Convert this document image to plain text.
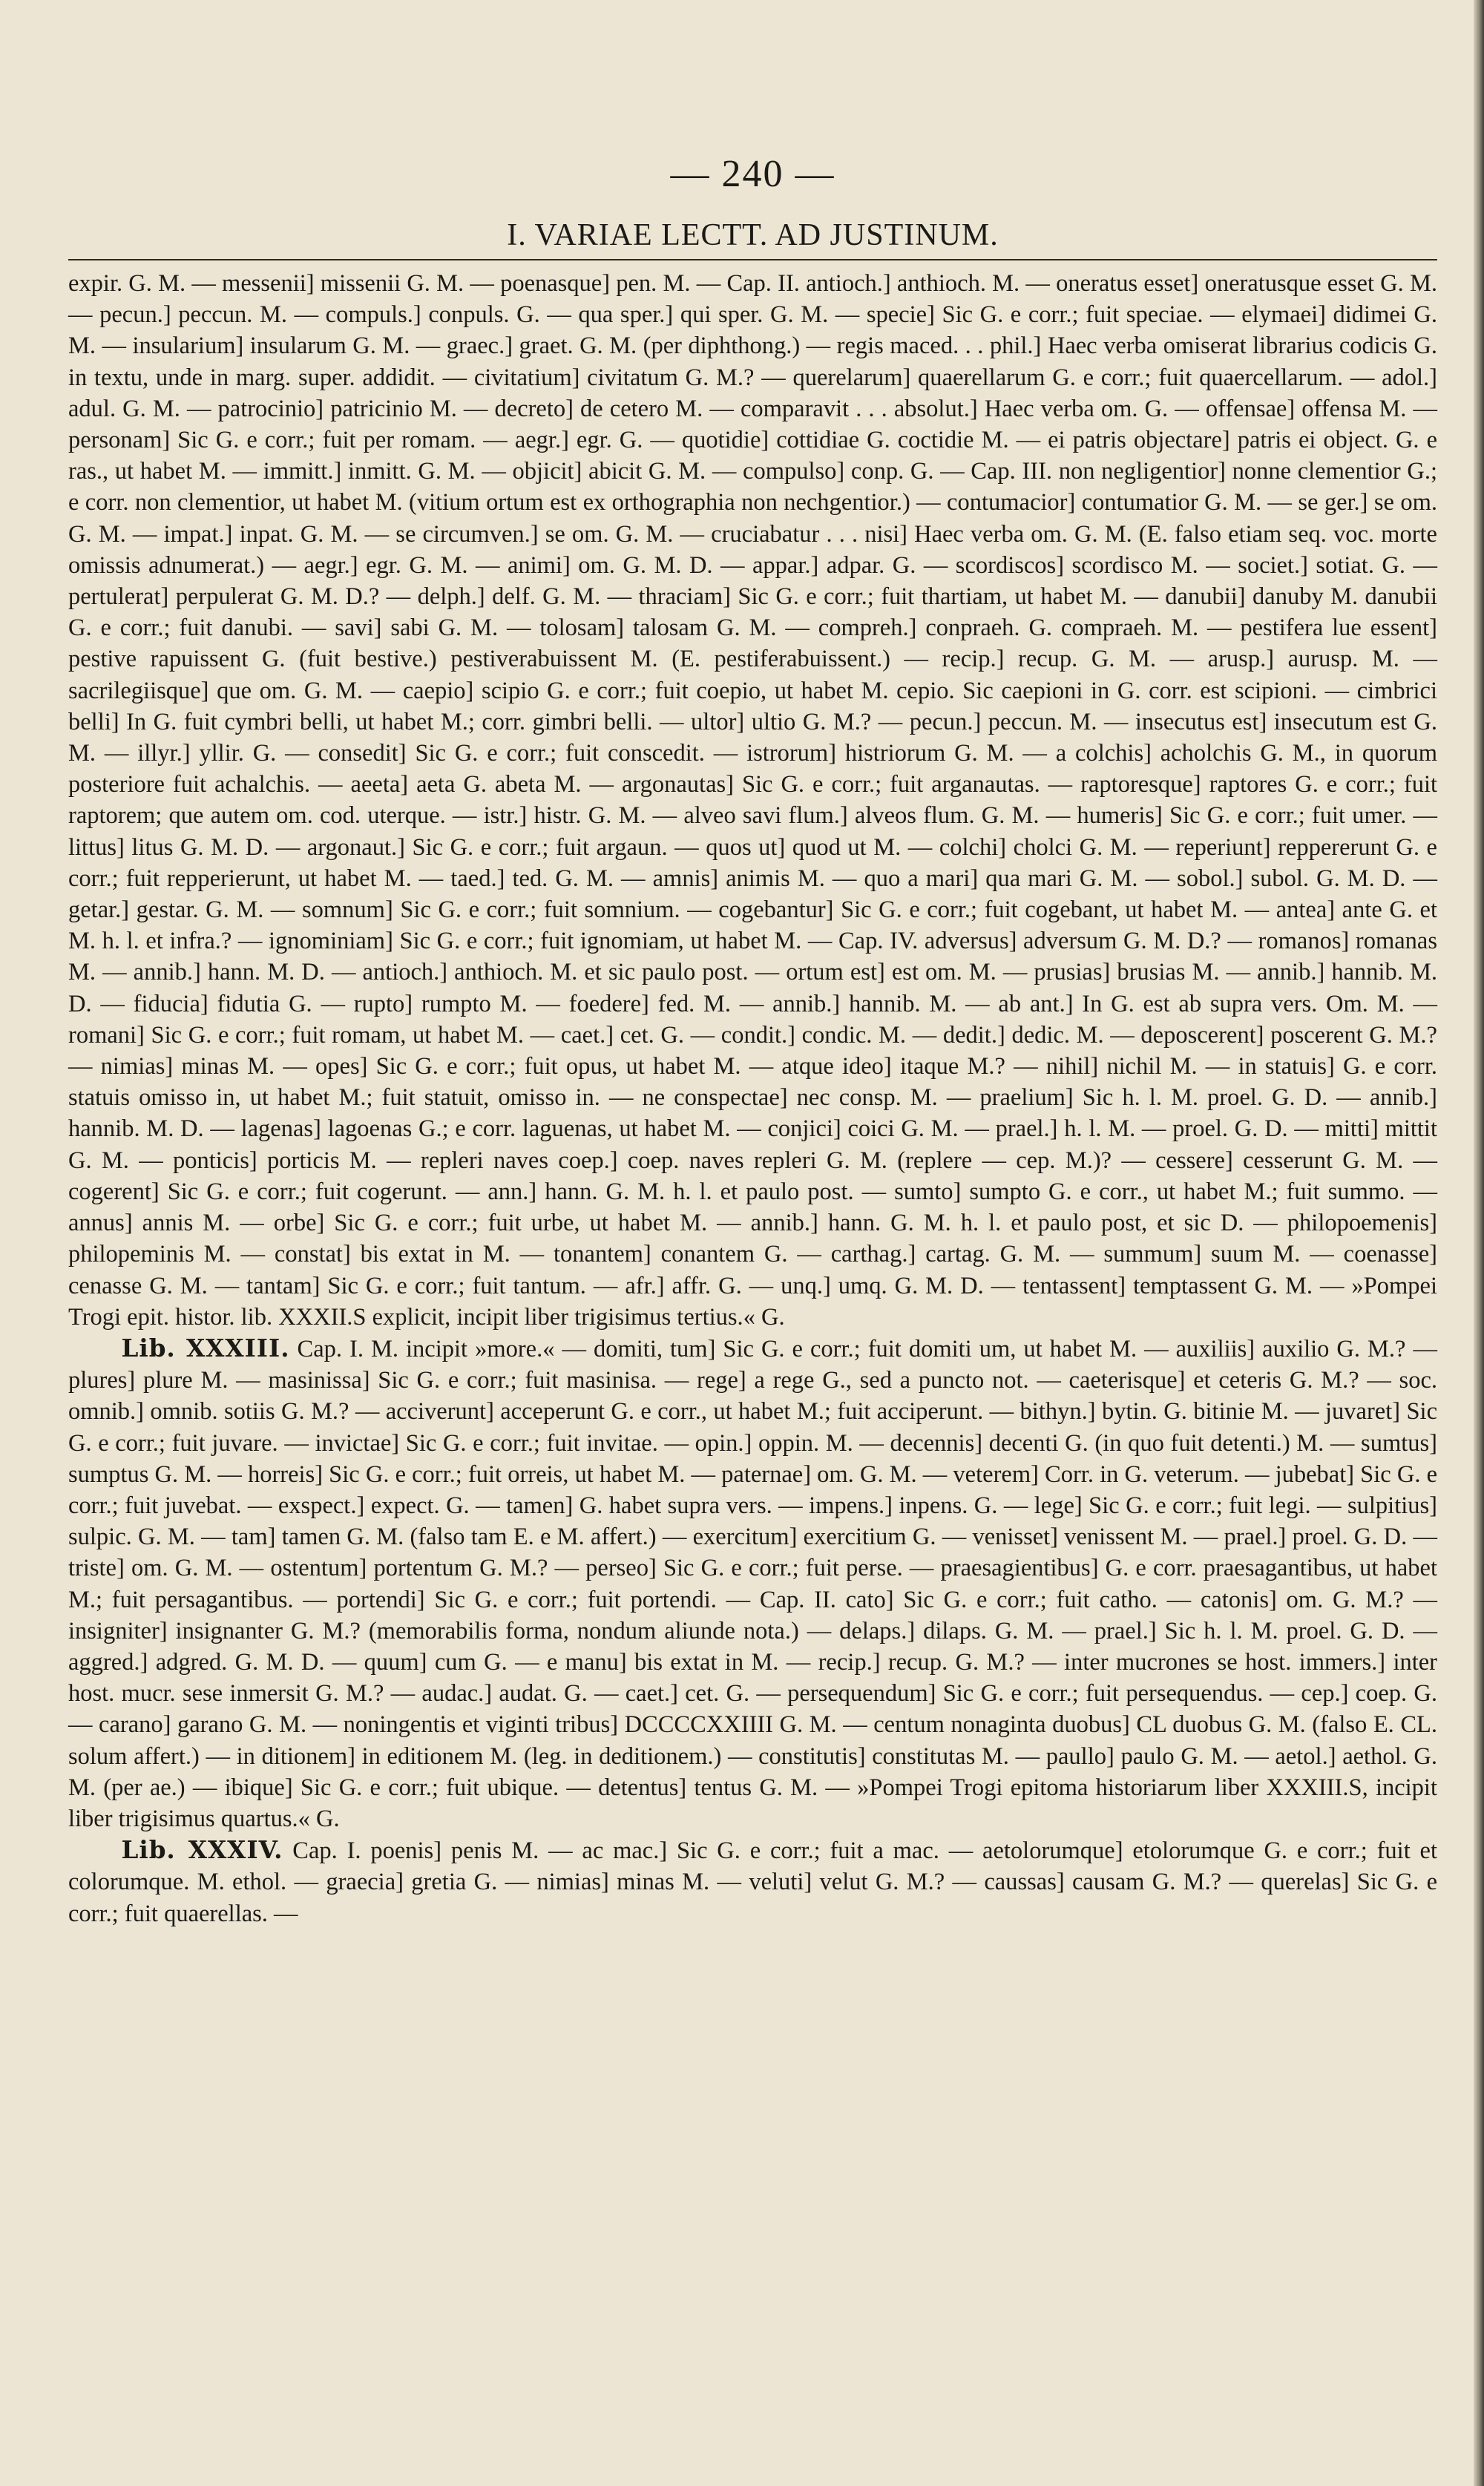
— 240 —
I. VARIAE LECTT. AD JUSTINUM.

expir. G. M. — messenii] missenii G. M. — poenasque] pen. M. — Cap. II. antioch.] anthioch. M. — oneratus esset] oneratusque esset G. M. — pecun.] peccun. M. — compuls.] conpuls. G. — qua sper.] qui sper. G. M. — specie] Sic G. e corr.; fuit speciae. — elymaei] didimei G. M. — insularium] insularum G. M. — graec.] graet. G. M. (per diphthong.) — regis maced. . . phil.] Haec verba omiserat librarius codicis G. in textu, unde in marg. super. addidit. — civitatium] civitatum G. M.? — querelarum] quaerellarum G. e corr.; fuit quaercellarum. — adol.] adul. G. M. — patrocinio] patricinio M. — decreto] de cetero M. — comparavit . . . absolut.] Haec verba om. G. — offensae] offensa M. — personam] Sic G. e corr.; fuit per romam. — aegr.] egr. G. — quotidie] cottidiae G. coctidie M. — ei patris objectare] patris ei object. G. e ras., ut habet M. — immitt.] inmitt. G. M. — objicit] abicit G. M. — compulso] conp. G. — Cap. III. non negligentior] nonne clementior G.; e corr. non clementior, ut habet M. (vitium ortum est ex orthographia non nechgentior.) — contumacior] contumatior G. M. — se ger.] se om. G. M. — impat.] inpat. G. M. — se circumven.] se om. G. M. — cruciabatur . . . nisi] Haec verba om. G. M. (E. falso etiam seq. voc. morte omissis adnumerat.) — aegr.] egr. G. M. — animi] om. G. M. D. — appar.] adpar. G. — scordiscos] scordisco M. — societ.] sotiat. G. — pertulerat] perpulerat G. M. D.? — delph.] delf. G. M. — thraciam] Sic G. e corr.; fuit thartiam, ut habet M. — danubii] danuby M. danubii G. e corr.; fuit danubi. — savi] sabi G. M. — tolosam] talosam G. M. — compreh.] conpraeh. G. compraeh. M. — pestifera lue essent] pestive rapuissent G. (fuit bestive.) pestiverabuissent M. (E. pestiferabuissent.) — recip.] recup. G. M. — arusp.] aurusp. M. — sacrilegiisque] que om. G. M. — caepio] scipio G. e corr.; fuit coepio, ut habet M. cepio. Sic caepioni in G. corr. est scipioni. — cimbrici belli] In G. fuit cymbri belli, ut habet M.; corr. gimbri belli. — ultor] ultio G. M.? — pecun.] peccun. M. — insecutus est] insecutum est G. M. — illyr.] yllir. G. — consedit] Sic G. e corr.; fuit conscedit. — istrorum] histriorum G. M. — a colchis] acholchis G. M., in quorum posteriore fuit achalchis. — aeeta] aeta G. abeta M. — argonautas] Sic G. e corr.; fuit arganautas. — raptoresque] raptores G. e corr.; fuit raptorem; que autem om. cod. uterque. — istr.] histr. G. M. — alveo savi flum.] alveos flum. G. M. — humeris] Sic G. e corr.; fuit umer. — littus] litus G. M. D. — argonaut.] Sic G. e corr.; fuit argaun. — quos ut] quod ut M. — colchi] cholci G. M. — reperiunt] reppererunt G. e corr.; fuit repperierunt, ut habet M. — taed.] ted. G. M. — amnis] animis M. — quo a mari] qua mari G. M. — sobol.] subol. G. M. D. — getar.] gestar. G. M. — somnum] Sic G. e corr.; fuit somnium. — cogebantur] Sic G. e corr.; fuit cogebant, ut habet M. — antea] ante G. et M. h. l. et infra.? — ignominiam] Sic G. e corr.; fuit ignomiam, ut habet M. — Cap. IV. adversus] adversum G. M. D.? — romanos] romanas M. — annib.] hann. M. D. — antioch.] anthioch. M. et sic paulo post. — ortum est] est om. M. — prusias] brusias M. — annib.] hannib. M. D. — fiducia] fidutia G. — rupto] rumpto M. — foedere] fed. M. — annib.] hannib. M. — ab ant.] In G. est ab supra vers. Om. M. — romani] Sic G. e corr.; fuit romam, ut habet M. — caet.] cet. G. — condit.] condic. M. — dedit.] dedic. M. — deposcerent] poscerent G. M.? — nimias] minas M. — opes] Sic G. e corr.; fuit opus, ut habet M. — atque ideo] itaque M.? — nihil] nichil M. — in statuis] G. e corr. statuis omisso in, ut habet M.; fuit statuit, omisso in. — ne conspectae] nec consp. M. — praelium] Sic h. l. M. proel. G. D. — annib.] hannib. M. D. — lagenas] lagoenas G.; e corr. laguenas, ut habet M. — conjici] coici G. M. — prael.] h. l. M. — proel. G. D. — mitti] mittit G. M. — ponticis] porticis M. — repleri naves coep.] coep. naves repleri G. M. (replere — cep. M.)? — cessere] cesserunt G. M. — cogerent] Sic G. e corr.; fuit cogerunt. — ann.] hann. G. M. h. l. et paulo post. — sumto] sumpto G. e corr., ut habet M.; fuit summo. — annus] annis M. — orbe] Sic G. e corr.; fuit urbe, ut habet M. — annib.] hann. G. M. h. l. et paulo post, et sic D. — philopoemenis] philopeminis M. — constat] bis extat in M. — tonantem] conantem G. — carthag.] cartag. G. M. — summum] suum M. — coenasse] cenasse G. M. — tantam] Sic G. e corr.; fuit tantum. — afr.] affr. G. — unq.] umq. G. M. D. — tentassent] temptassent G. M. — »Pompei Trogi epit. histor. lib. XXXII.S explicit, incipit liber trigisimus tertius.« G.

Lib. XXXIII. Cap. I. M. incipit »more.« — domiti, tum] Sic G. e corr.; fuit domiti um, ut habet M. — auxiliis] auxilio G. M.? — plures] plure M. — masinissa] Sic G. e corr.; fuit masinisa. — rege] a rege G., sed a puncto not. — caeterisque] et ceteris G. M.? — soc. omnib.] omnib. sotiis G. M.? — acciverunt] acceperunt G. e corr., ut habet M.; fuit acciperunt. — bithyn.] bytin. G. bitinie M. — juvaret] Sic G. e corr.; fuit juvare. — invictae] Sic G. e corr.; fuit invitae. — opin.] oppin. M. — decennis] decenti G. (in quo fuit detenti.) M. — sumtus] sumptus G. M. — horreis] Sic G. e corr.; fuit orreis, ut habet M. — paternae] om. G. M. — veterem] Corr. in G. veterum. — jubebat] Sic G. e corr.; fuit juvebat. — exspect.] expect. G. — tamen] G. habet supra vers. — impens.] inpens. G. — lege] Sic G. e corr.; fuit legi. — sulpitius] sulpic. G. M. — tam] tamen G. M. (falso tam E. e M. affert.) — exercitum] exercitium G. — venisset] venissent M. — prael.] proel. G. D. — triste] om. G. M. — ostentum] portentum G. M.? — perseo] Sic G. e corr.; fuit perse. — praesagientibus] G. e corr. praesagantibus, ut habet M.; fuit persagantibus. — portendi] Sic G. e corr.; fuit portendi. — Cap. II. cato] Sic G. e corr.; fuit catho. — catonis] om. G. M.? — insigniter] insignanter G. M.? (memorabilis forma, nondum aliunde nota.) — delaps.] dilaps. G. M. — prael.] Sic h. l. M. proel. G. D. — aggred.] adgred. G. M. D. — quum] cum G. — e manu] bis extat in M. — recip.] recup. G. M.? — inter mucrones se host. immers.] inter host. mucr. sese inmersit G. M.? — audac.] audat. G. — caet.] cet. G. — persequendum] Sic G. e corr.; fuit persequendus. — cep.] coep. G. — carano] garano G. M. — noningentis et viginti tribus] DCCCCXXIIII G. M. — centum nonaginta duobus] CL duobus G. M. (falso E. CL. solum affert.) — in ditionem] in editionem M. (leg. in deditionem.) — constitutis] constitutas M. — paullo] paulo G. M. — aetol.] aethol. G. M. (per ae.) — ibique] Sic G. e corr.; fuit ubique. — detentus] tentus G. M. — »Pompei Trogi epitoma historiarum liber XXXIII.S, incipit liber trigisimus quartus.« G.

Lib. XXXIV. Cap. I. poenis] penis M. — ac mac.] Sic G. e corr.; fuit a mac. — aetolorumque] etolorumque G. e corr.; fuit et colorumque. M. ethol. — graecia] gretia G. — nimias] minas M. — veluti] velut G. M.? — caussas] causam G. M.? — querelas] Sic G. e corr.; fuit quaerellas. —
